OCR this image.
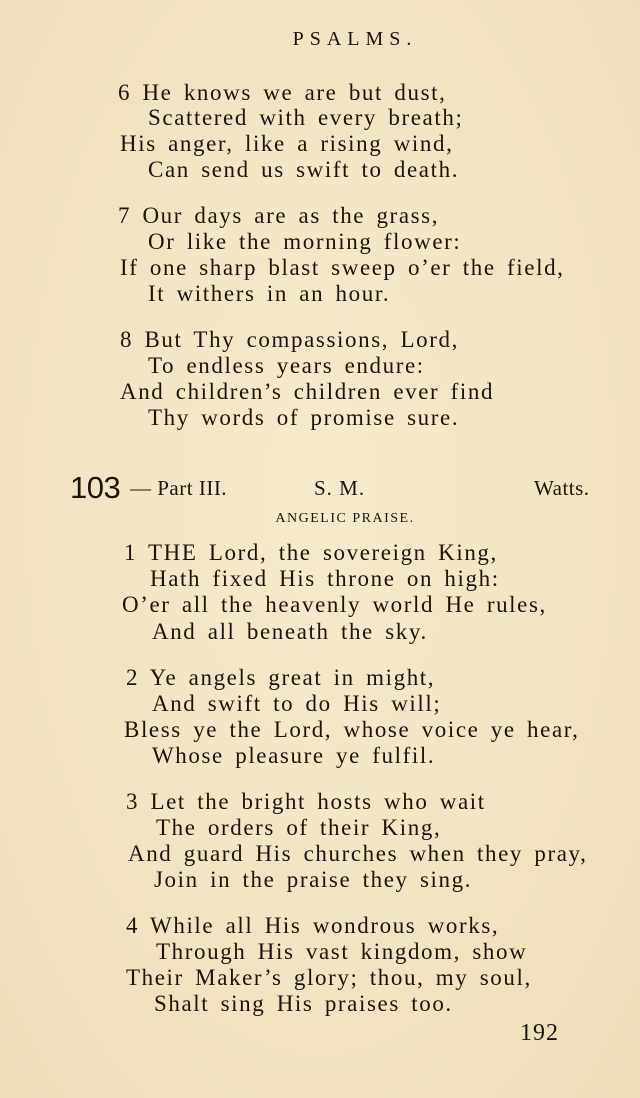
PSALMS.
6 He knows we are but dust,
Scattered with every breath;
His anger, like a rising wind,
Can send us swift to death.
7 Our days are as the grass,
Or like the morning flower:
If one sharp blast sweep o’er the field,
It withers in an hour.
8 But Thy compassions, Lord,
To endless years endure:
And children’s children ever find
Thy words of promise sure.
103 — Part III.	S. M.	Watts.
ANGELIC PRAISE.
1 THE Lord, the sovereign King,
Hath fixed His throne on high:
O’er all the heavenly world He rules,
And all beneath the sky.
2 Ye angels great in might,
And swift to do His will;
Bless ye the Lord, whose voice ye hear,
Whose pleasure ye fulfil.
3 Let the bright hosts who wait
The orders of their King,
And guard His churches when they pray,
Join in the praise they sing.
4 While all His wondrous works,
Through His vast kingdom, show
Their Maker’s glory; thou, my soul,
Shalt sing His praises too.
192
